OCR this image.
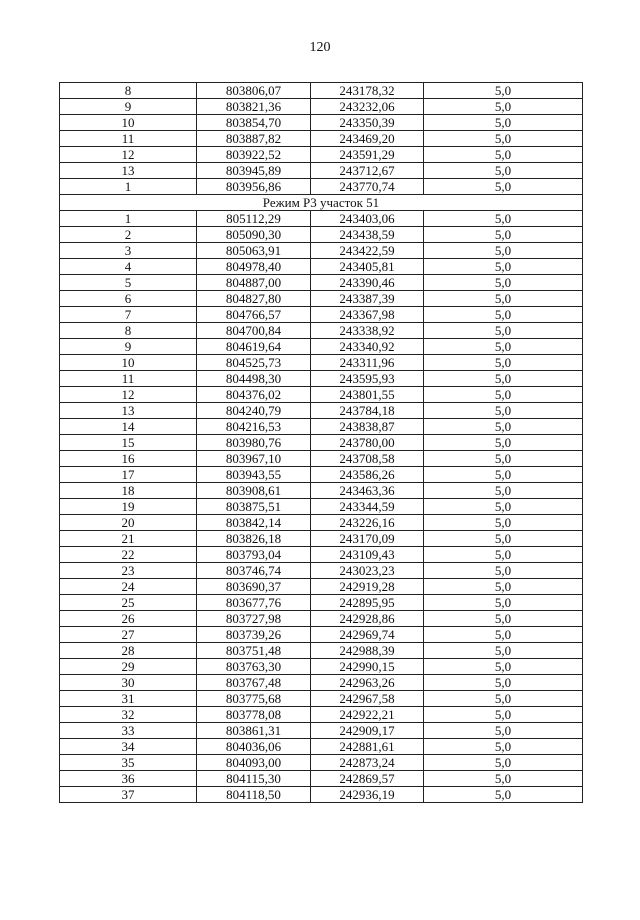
120
8	803806,07	243178,32	5,0
9	803821,36	243232,06	5,0
10	803854,70	243350,39	5,0
11	803887,82	243469,20	5,0
12	803922,52	243591,29	5,0
13	803945,89	243712,67	5,0
1	803956,86	243770,74	5,0
Режим Р3 участок 51			
1	805112,29	243403,06	5,0
2	805090,30	243438,59	5,0
3	805063,91	243422,59	5,0
4	804978,40	243405,81	5,0
5	804887,00	243390,46	5,0
6	804827,80	243387,39	5,0
7	804766,57	243367,98	5,0
8	804700,84	243338,92	5,0
9	804619,64	243340,92	5,0
10	804525,73	243311,96	5,0
11	804498,30	243595,93	5,0
12	804376,02	243801,55	5,0
13	804240,79	243784,18	5,0
14	804216,53	243838,87	5,0
15	803980,76	243780,00	5,0
16	803967,10	243708,58	5,0
17	803943,55	243586,26	5,0
18	803908,61	243463,36	5,0
19	803875,51	243344,59	5,0
20	803842,14	243226,16	5,0
21	803826,18	243170,09	5,0
22	803793,04	243109,43	5,0
23	803746,74	243023,23	5,0
24	803690,37	242919,28	5,0
25	803677,76	242895,95	5,0
26	803727,98	242928,86	5,0
27	803739,26	242969,74	5,0
28	803751,48	242988,39	5,0
29	803763,30	242990,15	5,0
30	803767,48	242963,26	5,0
31	803775,68	242967,58	5,0
32	803778,08	242922,21	5,0
33	803861,31	242909,17	5,0
34	804036,06	242881,61	5,0
35	804093,00	242873,24	5,0
36	804115,30	242869,57	5,0
37	804118,50	242936,19	5,0
